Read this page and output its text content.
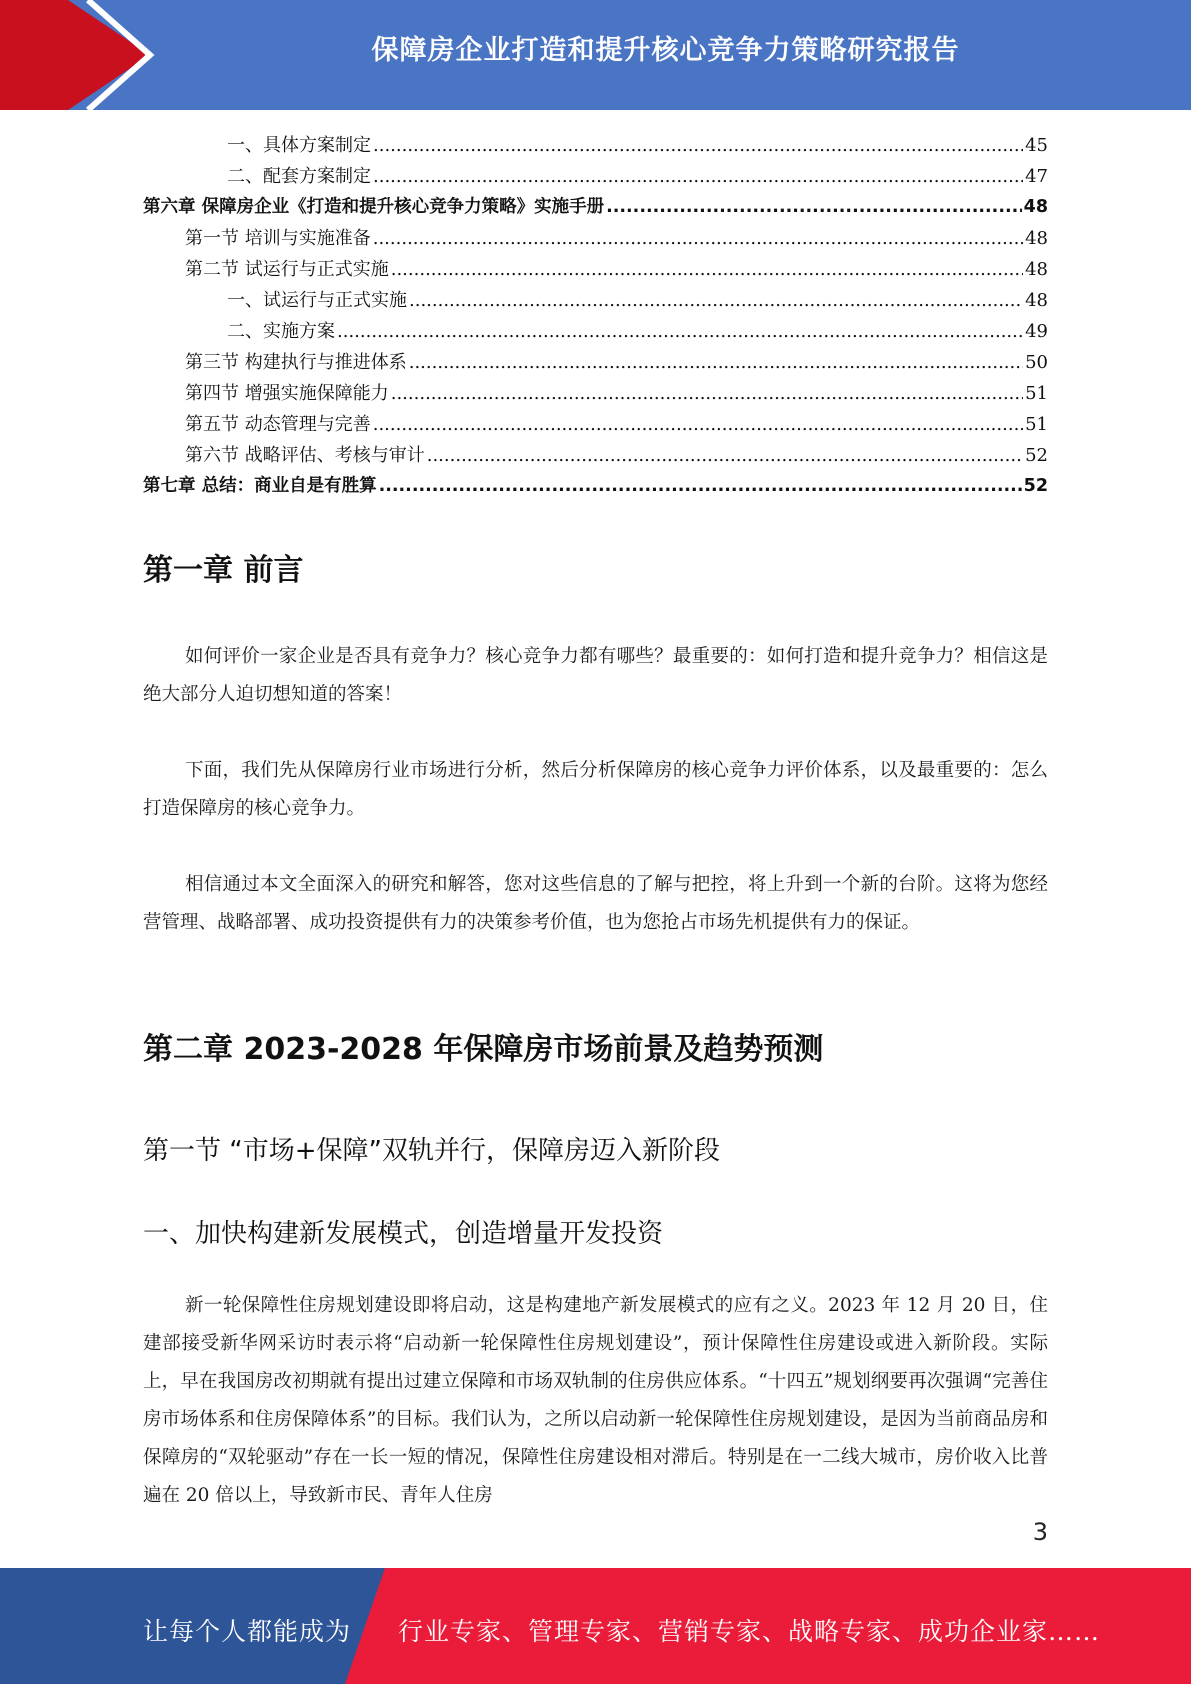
保障房企业打造和提升核心竞争力策略研究报告
一、具体方案制定 .....	45
二、配套方案制定 .....	47
第六章 保障房企业《打造和提升核心竞争力策略》实施手册 .....	48
第一节 培训与实施准备 .....	48
第二节 试运行与正式实施 .....	48
一、试运行与正式实施 .....	48
二、实施方案 .....	49
第三节 构建执行与推进体系 .....	50
第四节 增强实施保障能力 .....	51
第五节 动态管理与完善 .....	51
第六节 战略评估、考核与审计 .....	52
第七章 总结：商业自是有胜算 .....	52
第一章 前言

如何评价一家企业是否具有竞争力？核心竞争力都有哪些？最重要的：如何打造和提升竞争力？相信这是绝大部分人迫切想知道的答案！

下面，我们先从保障房行业市场进行分析，然后分析保障房的核心竞争力评价体系，以及最重要的：怎么打造保障房的核心竞争力。

相信通过本文全面深入的研究和解答，您对这些信息的了解与把控，将上升到一个新的台阶。这将为您经营管理、战略部署、成功投资提供有力的决策参考价值，也为您抢占市场先机提供有力的保证。

第二章 2023-2028 年保障房市场前景及趋势预测
第一节 “市场+保障”双轨并行，保障房迈入新阶段
一、加快构建新发展模式，创造增量开发投资

新一轮保障性住房规划建设即将启动，这是构建地产新发展模式的应有之义。2023 年 12 月 20 日，住建部接受新华网采访时表示将“启动新一轮保障性住房规划建设”，预计保障性住房建设或进入新阶段。实际上，早在我国房改初期就有提出过建立保障和市场双轨制的住房供应体系。“十四五”规划纲要再次强调“完善住房市场体系和住房保障体系”的目标。我们认为，之所以启动新一轮保障性住房规划建设，是因为当前商品房和保障房的“双轮驱动”存在一长一短的情况，保障性住房建设相对滞后。特别是在一二线大城市，房价收入比普遍在 20 倍以上，导致新市民、青年人住房

3
让每个人都能成为 行业专家、管理专家、营销专家、战略专家、成功企业家……
